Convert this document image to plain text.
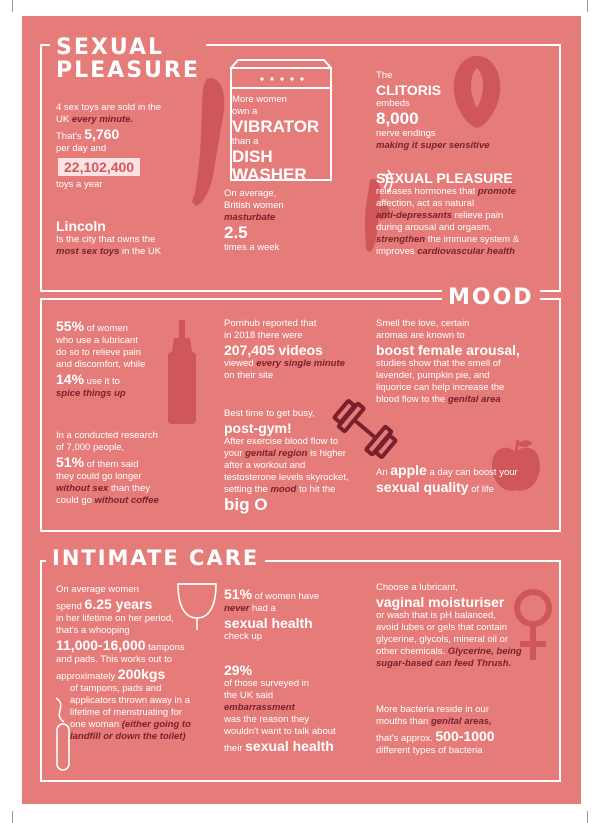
SEXUAL
PLEASURE
4 sex toys are sold in the
UK every minute.
That's 5,760
per day and
22,102,400
toys a year
Lincoln
Is the city that owns the
most sex toys in the UK
More women
own a
VIBRATOR
than a
DISH
WASHER
On average,
British women
masturbate
2.5
times a week
The
CLITORIS
embeds
8,000
nerve endings
making it super sensitive
SEXUAL PLEASURE
releases hormones that promote
affection, act as natural
anti-depressants relieve pain
during arousal and orgasm,
strengthen the immune system &
improves cardiovascular health
MOOD
55% of women
who use a lubricant
do so to relieve pain
and discomfort, while
14% use it to
spice things up
In a conducted research
of 7,000 people,
51% of them said
they could go longer
without sex than they
could go without coffee
Pornhub reported that
in 2018 there were
207,405 videos
viewed every single minute
on their site
Best time to get busy,
post-gym!
After exercise blood flow to
your genital region is higher
after a workout and
testosterone levels skyrocket,
setting the mood to hit the
big O
Smell the love, certain
aromas are known to
boost female arousal,
studies show that the smell of
lavender, pumpkin pie, and
liquorice can help increase the
blood flow to the genital area
An apple a day can boost your
sexual quality of life
INTIMATE CARE
On average women
spend 6.25 years
in her lifetime on her period,
that's a whooping
11,000-16,000 tampons
and pads. This works out to
approximately 200kgs
of tampons, pads and
applicators thrown away in a
lifetime of menstruating for
one woman (either going to landfill or down the toilet)
51% of women have
never had a
sexual health
check up
29%
of those surveyed in
the UK said
embarrassment
was the reason they
wouldn't want to talk about
their sexual health
Choose a lubricant,
vaginal moisturiser
or wash that is pH balanced,
avoid lubes or gels that contain
glycerine, glycols, mineral oil or
other chemicals. Glycerine, being sugar-based can feed Thrush.
More bacteria reside in our
mouths than genital areas,
that's approx. 500-1000
different types of bacteria
